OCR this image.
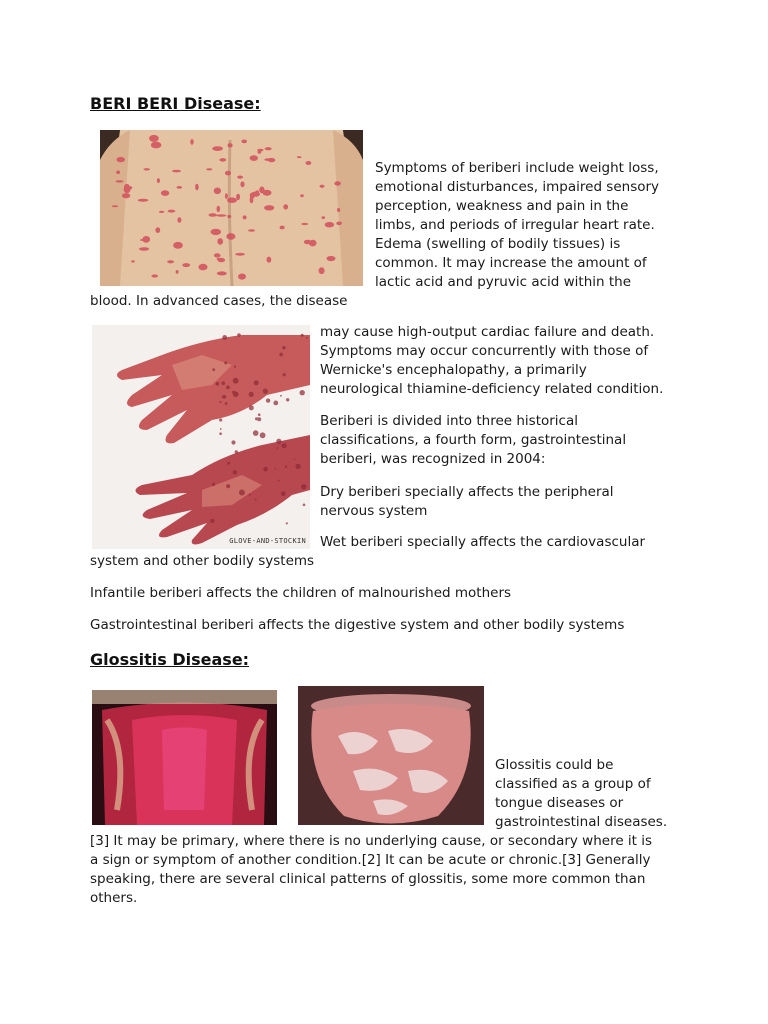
BERI BERI Disease:
Symptoms of beriberi include weight loss,
emotional disturbances, impaired sensory
perception, weakness and pain in the
limbs, and periods of irregular heart rate.
Edema (swelling of bodily tissues) is
common. It may increase the amount of
lactic acid and pyruvic acid within the
blood. In advanced cases, the disease
GLOVE-AND-STOCKIN
may cause high-output cardiac failure and death.
Symptoms may occur concurrently with those of
Wernicke's encephalopathy, a primarily
neurological thiamine-deficiency related condition.
Beriberi is divided into three historical
classifications, a fourth form, gastrointestinal
beriberi, was recognized in 2004:
Dry beriberi specially affects the peripheral
nervous system
Wet beriberi specially affects the cardiovascular
system and other bodily systems
Infantile beriberi affects the children of malnourished mothers
Gastrointestinal beriberi affects the digestive system and other bodily systems
Glossitis Disease:
Glossitis could be
classified as a group of
tongue diseases or
gastrointestinal diseases.
[3] It may be primary, where there is no underlying cause, or secondary where it is
a sign or symptom of another condition.[2] It can be acute or chronic.[3] Generally
speaking, there are several clinical patterns of glossitis, some more common than
others.
